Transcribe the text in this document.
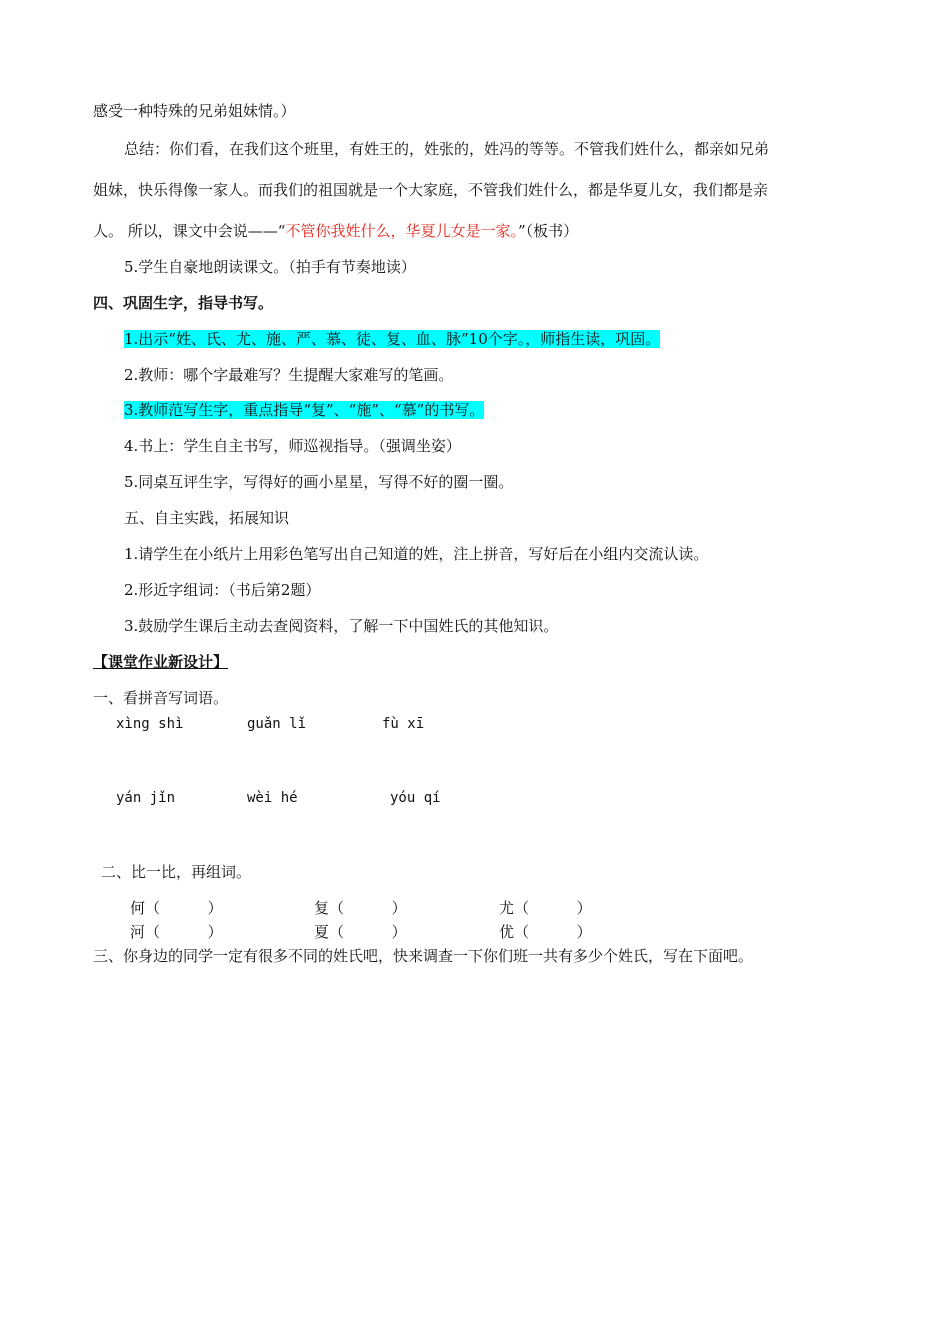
感受一种特殊的兄弟姐妹情。）
总结：你们看，在我们这个班里，有姓王的，姓张的，姓冯的等等。不管我们姓什么，都亲如兄弟
姐妹，快乐得像一家人。而我们的祖国就是一个大家庭，不管我们姓什么，都是华夏儿女，我们都是亲
人。 所以，课文中会说——“不管你我姓什么，华夏儿女是一家。”（板书）
5.学生自豪地朗读课文。（拍手有节奏地读）
四、巩固生字，指导书写。
1.出示“姓、氏、尤、施、严、慕、徒、复、血、脉”10个字。，师指生读，巩固。
2.教师：哪个字最难写？生提醒大家难写的笔画。
3.教师范写生字，重点指导“复”、“施”、“慕”的书写。
4.书上：学生自主书写，师巡视指导。（强调坐姿）
5.同桌互评生字，写得好的画小星星，写得不好的圈一圈。
五、自主实践，拓展知识
1.请学生在小纸片上用彩色笔写出自己知道的姓，注上拼音，写好后在小组内交流认读。
2.形近字组词：（书后第2题）
3.鼓励学生课后主动去查阅资料，了解一下中国姓氏的其他知识。
【课堂作业新设计】
一、看拼音写词语。
xìng shì	guǎn lǐ	fù xī
yán jǐn	wèi hé	yóu qí
二、比一比，再组词。
何（          ）	复（          ）	尤（          ）
河（          ）	夏（          ）	优（          ）
三、你身边的同学一定有很多不同的姓氏吧，快来调查一下你们班一共有多少个姓氏，写在下面吧。
